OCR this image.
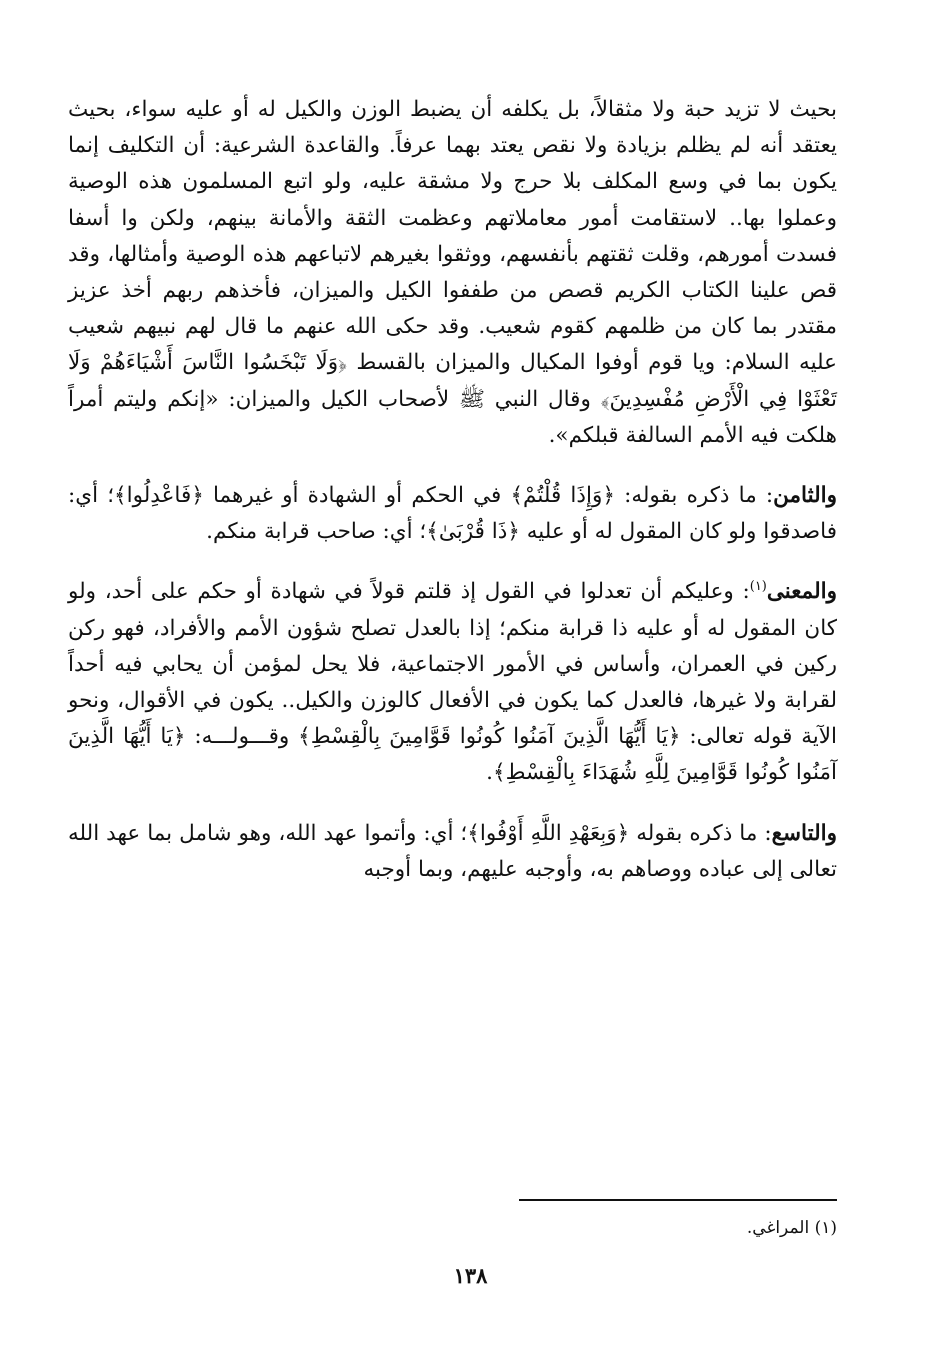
بحيث لا تزيد حبة ولا مثقالاً، بل يكلفه أن يضبط الوزن والكيل له أو عليه سواء، بحيث يعتقد أنه لم يظلم بزيادة ولا نقص يعتد بهما عرفاً. والقاعدة الشرعية: أن التكليف إنما يكون بما في وسع المكلف بلا حرج ولا مشقة عليه، ولو اتبع المسلمون هذه الوصية وعملوا بها.. لاستقامت أمور معاملاتهم وعظمت الثقة والأمانة بينهم، ولكن وا أسفا فسدت أمورهم، وقلت ثقتهم بأنفسهم، ووثقوا بغيرهم لاتباعهم هذه الوصية وأمثالها، وقد قص علينا الكتاب الكريم قصص من طففوا الكيل والميزان، فأخذهم ربهم أخذ عزيز مقتدر بما كان من ظلمهم كقوم شعيب. وقد حكى الله عنهم ما قال لهم نبيهم شعيب عليه السلام: ويا قوم أوفوا المكيال والميزان بالقسط ﴿وَلَا تَبْخَسُوا النَّاسَ أَشْيَاءَهُمْ وَلَا تَعْثَوْا فِي الْأَرْضِ مُفْسِدِينَ﴾ وقال النبي ﷺ لأصحاب الكيل والميزان: «إنكم وليتم أمراً هلكت فيه الأمم السالفة قبلكم».

والثامن: ما ذكره بقوله: ﴿وَإِذَا قُلْتُمْ﴾ في الحكم أو الشهادة أو غيرهما ﴿فَاعْدِلُوا﴾؛ أي: فاصدقوا ولو كان المقول له أو عليه ﴿ذَا قُرْبَىٰ﴾؛ أي: صاحب قرابة منكم.

والمعنى$^{(١)}$: وعليكم أن تعدلوا في القول إذ قلتم قولاً في شهادة أو حكم على أحد، ولو كان المقول له أو عليه ذا قرابة منكم؛ إذا بالعدل تصلح شؤون الأمم والأفراد، فهو ركن ركين في العمران، وأساس في الأمور الاجتماعية، فلا يحل لمؤمن أن يحابي فيه أحداً لقرابة ولا غيرها، فالعدل كما يكون في الأفعال كالوزن والكيل.. يكون في الأقوال، ونحو الآية قوله تعالى: ﴿يَا أَيُّهَا الَّذِينَ آمَنُوا كُونُوا قَوَّامِينَ بِالْقِسْطِ﴾ وقـــولـــه: ﴿يَا أَيُّهَا الَّذِينَ آمَنُوا كُونُوا قَوَّامِينَ لِلَّهِ شُهَدَاءَ بِالْقِسْطِ﴾.

والتاسع: ما ذكره بقوله ﴿وَبِعَهْدِ اللَّهِ أَوْفُوا﴾؛ أي: وأتموا عهد الله، وهو شامل بما عهد الله تعالى إلى عباده ووصاهم به، وأوجبه عليهم، وبما أوجبه

(١) المراغي.

١٣٨
